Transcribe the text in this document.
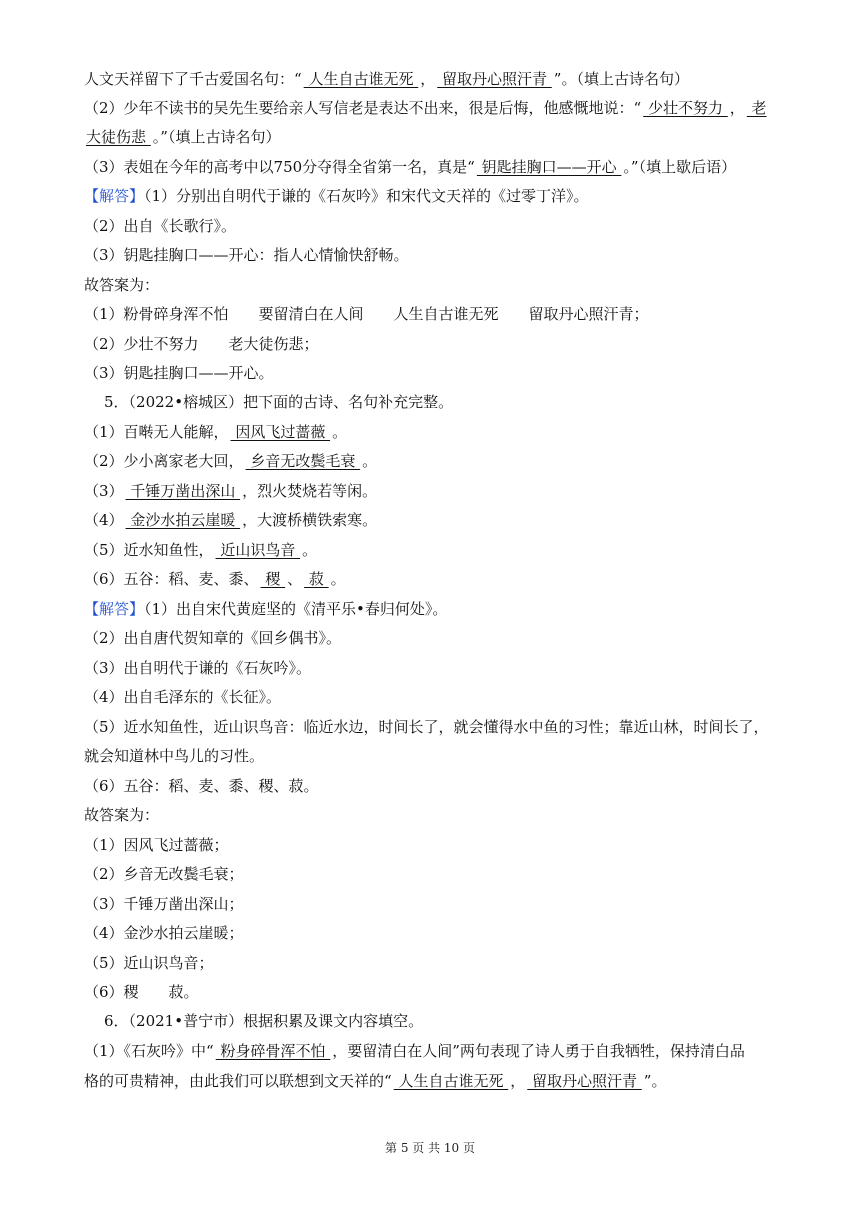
人文天祥留下了千古爱国名句：“ 人生自古谁无死 ， 留取丹心照汗青 ”。（填上古诗名句）
（2）少年不读书的吴先生要给亲人写信老是表达不出来，很是后悔，他感慨地说：“ 少壮不努力 ， 老
大徒伤悲 。”（填上古诗名句）
（3）表姐在今年的高考中以750分夺得全省第一名，真是“ 钥匙挂胸口——开心 。”（填上歇后语）
【解答】（1）分别出自明代于谦的《石灰吟》和宋代文天祥的《过零丁洋》。
（2）出自《长歌行》。
（3）钥匙挂胸口——开心：指人心情愉快舒畅。
故答案为：
（1）粉骨碎身浑不怕　　要留清白在人间　　人生自古谁无死　　留取丹心照汗青；
（2）少壮不努力　　老大徒伤悲；
（3）钥匙挂胸口——开心。
5．（2022•榕城区）把下面的古诗、名句补充完整。
（1）百啭无人能解， 因风飞过蔷薇 。
（2）少小离家老大回， 乡音无改鬓毛衰 。
（3） 千锤万凿出深山 ，烈火焚烧若等闲。
（4） 金沙水拍云崖暖 ，大渡桥横铁索寒。
（5）近水知鱼性， 近山识鸟音 。
（6）五谷：稻、麦、黍、 稷 、 菽 。
【解答】（1）出自宋代黄庭坚的《清平乐•春归何处》。
（2）出自唐代贺知章的《回乡偶书》。
（3）出自明代于谦的《石灰吟》。
（4）出自毛泽东的《长征》。
（5）近水知鱼性，近山识鸟音：临近水边，时间长了，就会懂得水中鱼的习性；靠近山林，时间长了，
就会知道林中鸟儿的习性。
（6）五谷：稻、麦、黍、稷、菽。
故答案为：
（1）因风飞过蔷薇；
（2）乡音无改鬓毛衰；
（3）千锤万凿出深山；
（4）金沙水拍云崖暖；
（5）近山识鸟音；
（6）稷　　菽。
6．（2021•普宁市）根据积累及课文内容填空。
（1）《石灰吟》中“ 粉身碎骨浑不怕 ，要留清白在人间”两句表现了诗人勇于自我牺牲，保持清白品
格的可贵精神，由此我们可以联想到文天祥的“ 人生自古谁无死 ， 留取丹心照汗青 ”。
第 5 页 共 10 页
